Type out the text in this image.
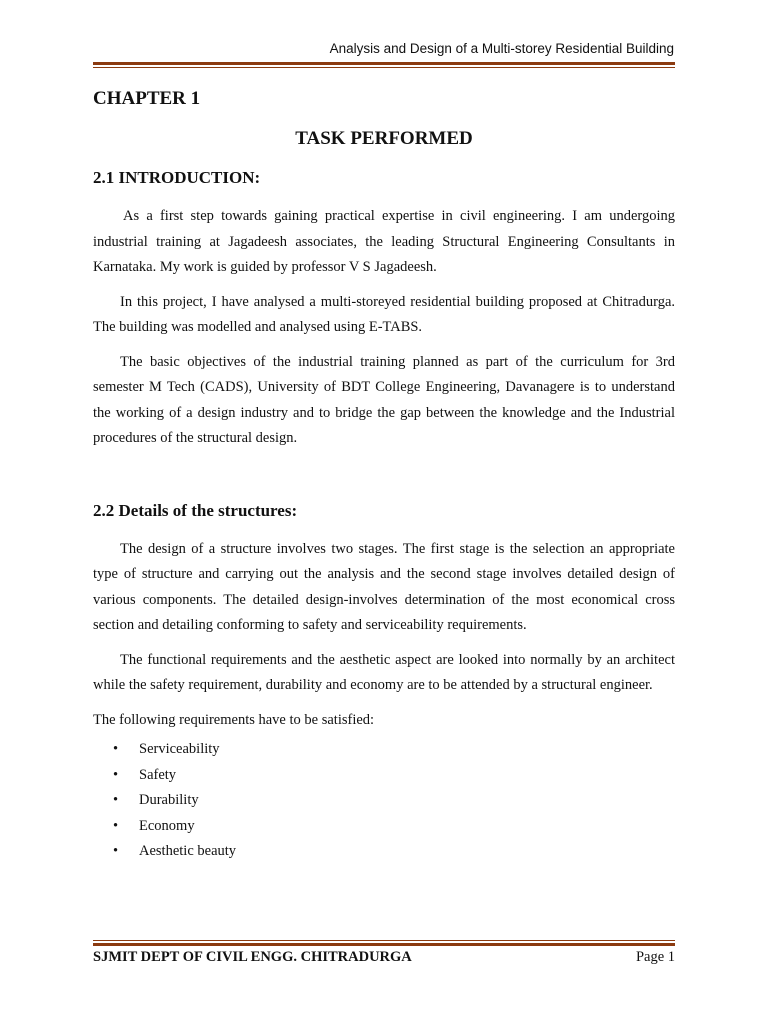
Analysis and Design of a Multi-storey Residential Building
CHAPTER 1
TASK PERFORMED
2.1 INTRODUCTION:

As a first step towards gaining practical expertise in civil engineering. I am undergoing industrial training at Jagadeesh associates, the leading Structural Engineering Consultants in Karnataka. My work is guided by professor V S Jagadeesh.

In this project, I have analysed a multi-storeyed residential building proposed at Chitradurga. The building was modelled and analysed using E-TABS.

The basic objectives of the industrial training planned as part of the curriculum for 3rd semester M Tech (CADS), University of BDT College Engineering, Davanagere is to understand the working of a design industry and to bridge the gap between the knowledge and the Industrial procedures of the structural design.

2.2 Details of the structures:

The design of a structure involves two stages. The first stage is the selection an appropriate type of structure and carrying out the analysis and the second stage involves detailed design of various components. The detailed design-involves determination of the most economical cross section and detailing conforming to safety and serviceability requirements.

The functional requirements and the aesthetic aspect are looked into normally by an architect while the safety requirement, durability and economy are to be attended by a structural engineer.

The following requirements have to be satisfied:

• Serviceability
• Safety
• Durability
• Economy
• Aesthetic beauty
SJMIT DEPT OF CIVIL ENGG. CHITRADURGA	Page 1
